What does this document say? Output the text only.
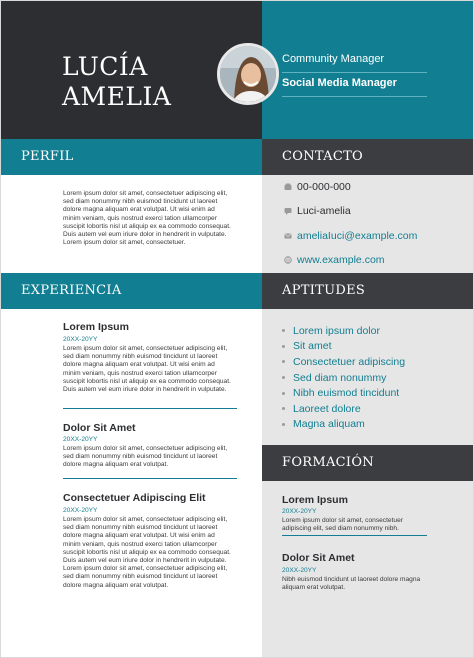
LUCÍA
AMELIA
Community Manager
Social Media Manager
PERFIL
Lorem ipsum dolor sit amet, consectetuer adipiscing elit, sed diam nonummy nibh euismod tincidunt ut laoreet dolore magna aliquam erat volutpat. Ut wisi enim ad minim veniam, quis nostrud exerci tation ullamcorper suscipit lobortis nisl ut aliquip ex ea commodo consequat. Duis autem vel eum iriure dolor in hendrerit in vulputate. Lorem ipsum dolor sit amet, consectetuer.
EXPERIENCIA
Lorem Ipsum
20XX-20YY
Lorem ipsum dolor sit amet, consectetuer adipiscing elit, sed diam nonummy nibh euismod tincidunt ut laoreet dolore magna aliquam erat volutpat. Ut wisi enim ad minim veniam, quis nostrud exerci tation ullamcorper suscipit lobortis nisl ut aliquip ex ea commodo consequat. Duis autem vel eum iriure dolor in hendrerit in vulputate.
Dolor Sit Amet
20XX-20YY
Lorem ipsum dolor sit amet, consectetuer adipiscing elit, sed diam nonummy nibh euismod tincidunt ut laoreet dolore magna aliquam erat volutpat.
Consectetuer Adipiscing Elit
20XX-20YY
Lorem ipsum dolor sit amet, consectetuer adipiscing elit, sed diam nonummy nibh euismod tincidunt ut laoreet dolore magna aliquam erat volutpat. Ut wisi enim ad minim veniam, quis nostrud exerci tation ullamcorper suscipit lobortis nisl ut aliquip ex ea commodo consequat. Duis autem vel eum iriure dolor in hendrerit in vulputate. Lorem ipsum dolor sit amet, consectetuer adipiscing elit, sed diam nonummy nibh euismod tincidunt ut laoreet dolore magna aliquam erat volutpat.
CONTACTO
00-000-000
Luci-amelia
ameliaIuci@example.com
www.example.com
APTITUDES
Lorem ipsum dolor
Sit amet
Consectetuer adipiscing
Sed diam nonummy
Nibh euismod tincidunt
Laoreet dolore
Magna aliquam
FORMACIÓN
Lorem Ipsum
20XX-20YY
Lorem ipsum dolor sit amet, consectetuer adipiscing elit, sed diam nonummy nibh.
Dolor Sit Amet
20XX-20YY
Nibh euismod tincidunt ut laoreet dolore magna aliquam erat volutpat.
